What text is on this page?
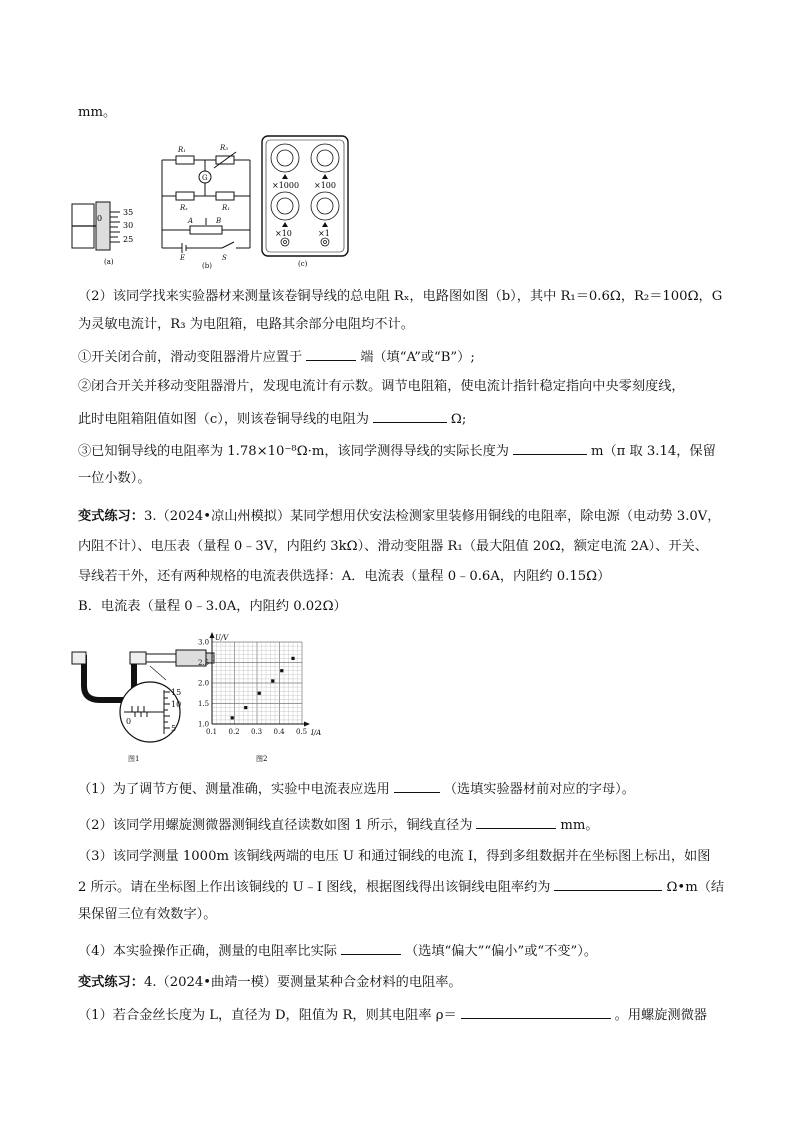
mm。
0
35
30
25
(a)
R₁	R₃
G
Rₓ	R₁
A	B
E	S
(b)
×1000 ×100
×10	×1
(c)
（2）该同学找来实验器材来测量该卷铜导线的总电阻 Rₓ，电路图如图（b），其中 R₁＝0.6Ω，R₂＝100Ω，G
为灵敏电流计，R₃ 为电阻箱，电路其余部分电阻均不计。
①开关闭合前，滑动变阻器滑片应置于	端（填“A”或“B”）;
②闭合开关并移动变阻器滑片，发现电流计有示数。调节电阻箱，使电流计指针稳定指向中央零刻度线，
此时电阻箱阻值如图（c），则该卷铜导线的电阻为	Ω;
③已知铜导线的电阻率为 1.78×10⁻⁸Ω·m，该同学测得导线的实际长度为	m（π 取 3.14，保留
一位小数）。
变式练习：3.（2024•凉山州模拟）某同学想用伏安法检测家里装修用铜线的电阻率，除电源（电动势 3.0V，
内阻不计）、电压表（量程 0﹣3V，内阻约 3kΩ）、滑动变阻器 R₁（最大阻值 20Ω，额定电流 2A）、开关、
导线若干外，还有两种规格的电流表供选择：A．电流表（量程 0﹣0.6A，内阻约 0.15Ω）
B．电流表（量程 0﹣3.0A，内阻约 0.02Ω）
0
15
10
5
图1
0.1 0.2 0.3 0.4 0.5
1.0
1.5
2.0
2.5
3.0
U/V
I/A
图2
（1）为了调节方便、测量准确，实验中电流表应选用	（选填实验器材前对应的字母）。
（2）该同学用螺旋测微器测铜线直径读数如图 1 所示，铜线直径为	mm。
（3）该同学测量 1000m 该铜线两端的电压 U 和通过铜线的电流 I，得到多组数据并在坐标图上标出，如图
2 所示。请在坐标图上作出该铜线的 U﹣I 图线，根据图线得出该铜线电阻率约为	Ω•m（结
果保留三位有效数字）。
（4）本实验操作正确，测量的电阻率比实际	（选填“偏大”“偏小”或“不变”）。
变式练习：4.（2024•曲靖一模）要测量某种合金材料的电阻率。
（1）若合金丝长度为 L，直径为 D，阻值为 R，则其电阻率 ρ＝	。用螺旋测微器
